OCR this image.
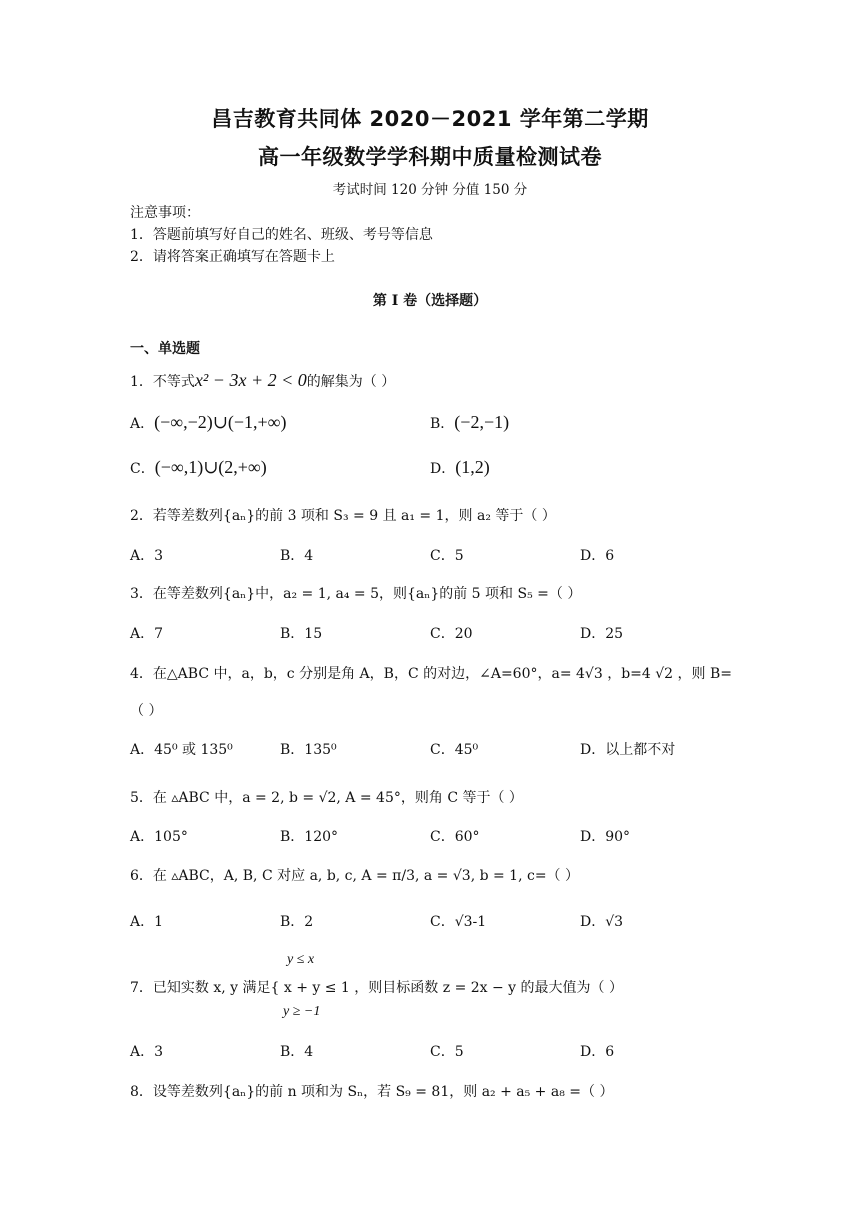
昌吉教育共同体 2020－2021 学年第二学期
高一年级数学学科期中质量检测试卷
考试时间 120 分钟 分值 150 分
注意事项：
1．答题前填写好自己的姓名、班级、考号等信息
2．请将答案正确填写在答题卡上
第 I 卷（选择题）
一、单选题
1．不等式x² − 3x + 2 < 0的解集为（ ）
A．(−∞,−2)∪(−1,+∞)	B．(−2,−1)
C．(−∞,1)∪(2,+∞)	D．(1,2)
2．若等差数列{aₙ}的前 3 项和 S₃ = 9 且 a₁ = 1，则 a₂ 等于（ ）
A．3	B．4	C．5	D．6
3．在等差数列{aₙ}中，a₂ = 1, a₄ = 5，则{aₙ}的前 5 项和 S₅ =（ ）
A．7	B．15	C．20	D．25
4．在△ABC 中，a，b，c 分别是角 A，B，C 的对边，∠A=60°，a= 4√3 ，b=4 √2 ，则 B=
（ ）
A．45⁰ 或 135⁰	B．135⁰	C．45⁰	D．以上都不对
5．在 ▵ABC 中，a = 2, b = √2, A = 45°，则角 C 等于（ ）
A．105°	B．120°	C．60°	D．90°
6．在 ▵ABC，A, B, C 对应 a, b, c, A = π/3, a = √3, b = 1, c=（ ）
A．1	B．2	C．√3-1	D．√3
y ≤ x
7．已知实数 x, y 满足{ x + y ≤ 1 ，则目标函数 z = 2x − y 的最大值为（ ）
y ≥ −1
A．3	B．4	C．5	D．6
8．设等差数列{aₙ}的前 n 项和为 Sₙ，若 S₉ = 81，则 a₂ + a₅ + a₈ =（ ）
